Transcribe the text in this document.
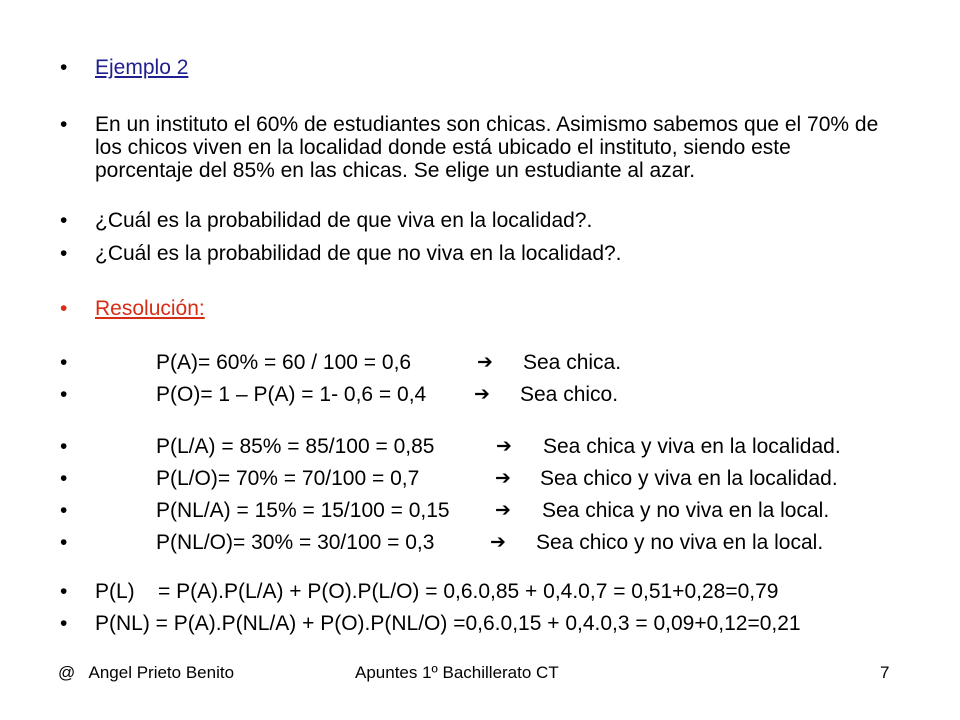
•	Ejemplo 2
•	En un instituto el 60% de estudiantes son chicas. Asimismo sabemos que el 70% de los chicos viven en la localidad donde está ubicado el instituto, siendo este porcentaje del 85% en las chicas. Se elige un estudiante al azar.
•	¿Cuál es la probabilidad de que viva en la localidad?.
•	¿Cuál es la probabilidad de que no viva en la localidad?.
•	Resolución:
•	P(A)= 60% = 60 / 100 = 0,6	➔ Sea chica.
•	P(O)= 1 – P(A) = 1- 0,6 = 0,4	➔ Sea chico.
•	P(L/A) = 85% = 85/100 = 0,85	➔ Sea chica y viva en la localidad.
•	P(L/O)= 70% = 70/100 = 0,7	➔ Sea chico y viva en la localidad.
•	P(NL/A) = 15% = 15/100 = 0,15 ➔ Sea chica y no viva en la local.
•	P(NL/O)= 30% = 30/100 = 0,3	➔ Sea chico y no viva en la local.
•	P(L)    = P(A).P(L/A) + P(O).P(L/O) = 0,6.0,85 + 0,4.0,7 = 0,51+0,28=0,79
•	P(NL) = P(A).P(NL/A) + P(O).P(NL/O) =0,6.0,15 + 0,4.0,3 = 0,09+0,12=0,21
@   Angel Prieto Benito	Apuntes 1º Bachillerato CT	7
